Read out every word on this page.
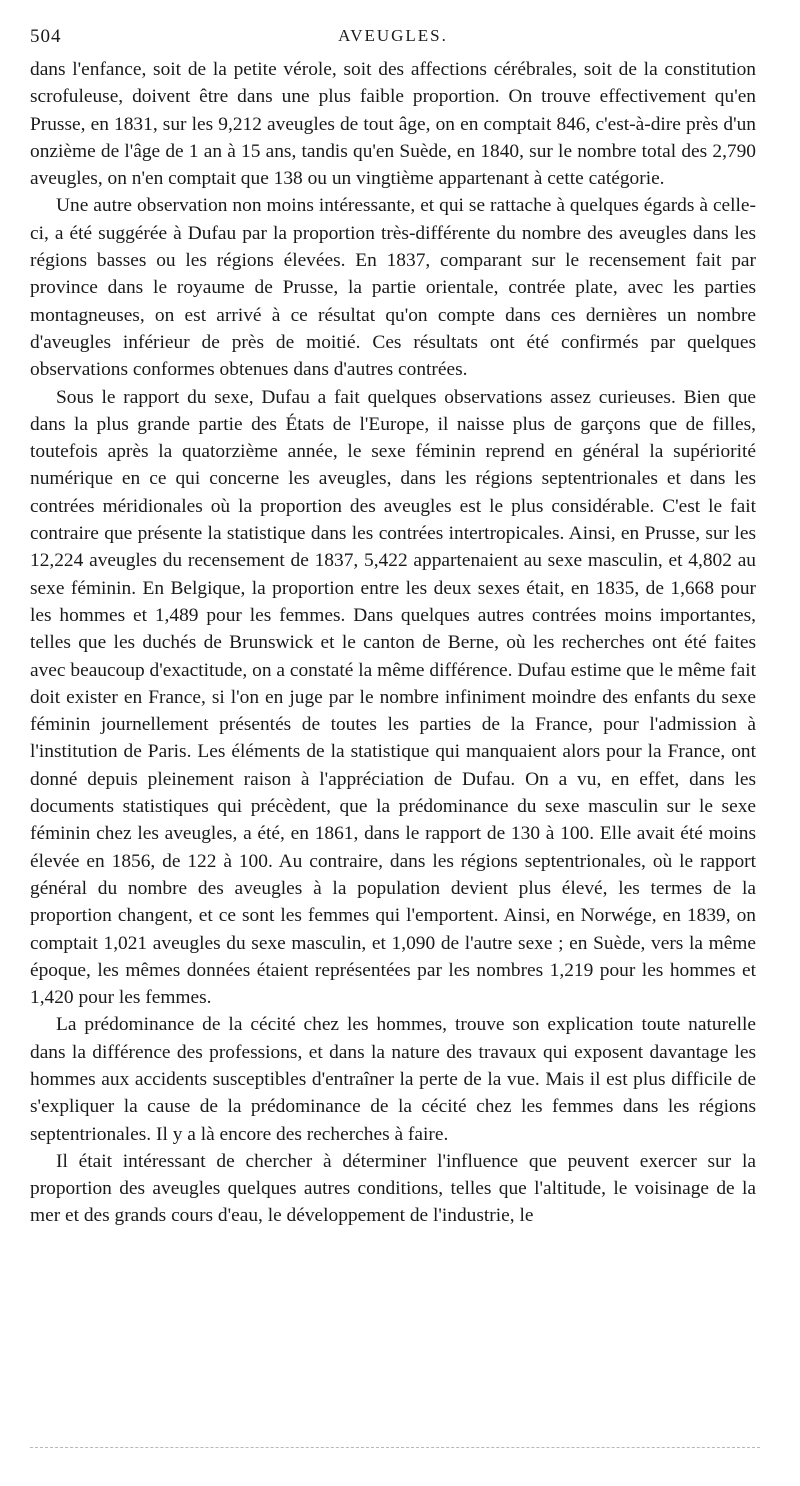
504	AVEUGLES.

dans l'enfance, soit de la petite vérole, soit des affections cérébrales, soit de la constitution scrofuleuse, doivent être dans une plus faible proportion. On trouve effectivement qu'en Prusse, en 1831, sur les 9,212 aveugles de tout âge, on en comptait 846, c'est-à-dire près d'un onzième de l'âge de 1 an à 15 ans, tandis qu'en Suède, en 1840, sur le nombre total des 2,790 aveugles, on n'en comptait que 138 ou un vingtième appartenant à cette catégorie.

Une autre observation non moins intéressante, et qui se rattache à quelques égards à celle-ci, a été suggérée à Dufau par la proportion très-différente du nombre des aveugles dans les régions basses ou les régions élevées. En 1837, comparant sur le recensement fait par province dans le royaume de Prusse, la partie orientale, contrée plate, avec les parties montagneuses, on est arrivé à ce résultat qu'on compte dans ces dernières un nombre d'aveugles inférieur de près de moitié. Ces résultats ont été confirmés par quelques observations conformes obtenues dans d'autres contrées.

Sous le rapport du sexe, Dufau a fait quelques observations assez curieuses. Bien que dans la plus grande partie des États de l'Europe, il naisse plus de garçons que de filles, toutefois après la quatorzième année, le sexe féminin reprend en général la supériorité numérique en ce qui concerne les aveugles, dans les régions septentrionales et dans les contrées méridionales où la proportion des aveugles est le plus considérable. C'est le fait contraire que présente la statistique dans les contrées intertropicales. Ainsi, en Prusse, sur les 12,224 aveugles du recensement de 1837, 5,422 appartenaient au sexe masculin, et 4,802 au sexe féminin. En Belgique, la proportion entre les deux sexes était, en 1835, de 1,668 pour les hommes et 1,489 pour les femmes. Dans quelques autres contrées moins importantes, telles que les duchés de Brunswick et le canton de Berne, où les recherches ont été faites avec beaucoup d'exactitude, on a constaté la même différence. Dufau estime que le même fait doit exister en France, si l'on en juge par le nombre infiniment moindre des enfants du sexe féminin journellement présentés de toutes les parties de la France, pour l'admission à l'institution de Paris. Les éléments de la statistique qui manquaient alors pour la France, ont donné depuis pleinement raison à l'appréciation de Dufau. On a vu, en effet, dans les documents statistiques qui précèdent, que la prédominance du sexe masculin sur le sexe féminin chez les aveugles, a été, en 1861, dans le rapport de 130 à 100. Elle avait été moins élevée en 1856, de 122 à 100. Au contraire, dans les régions septentrionales, où le rapport général du nombre des aveugles à la population devient plus élevé, les termes de la proportion changent, et ce sont les femmes qui l'emportent. Ainsi, en Norwége, en 1839, on comptait 1,021 aveugles du sexe masculin, et 1,090 de l'autre sexe ; en Suède, vers la même époque, les mêmes données étaient représentées par les nombres 1,219 pour les hommes et 1,420 pour les femmes.

La prédominance de la cécité chez les hommes, trouve son explication toute naturelle dans la différence des professions, et dans la nature des travaux qui exposent davantage les hommes aux accidents susceptibles d'entraîner la perte de la vue. Mais il est plus difficile de s'expliquer la cause de la prédominance de la cécité chez les femmes dans les régions septentrionales. Il y a là encore des recherches à faire.

Il était intéressant de chercher à déterminer l'influence que peuvent exercer sur la proportion des aveugles quelques autres conditions, telles que l'altitude, le voisinage de la mer et des grands cours d'eau, le développement de l'industrie, le
